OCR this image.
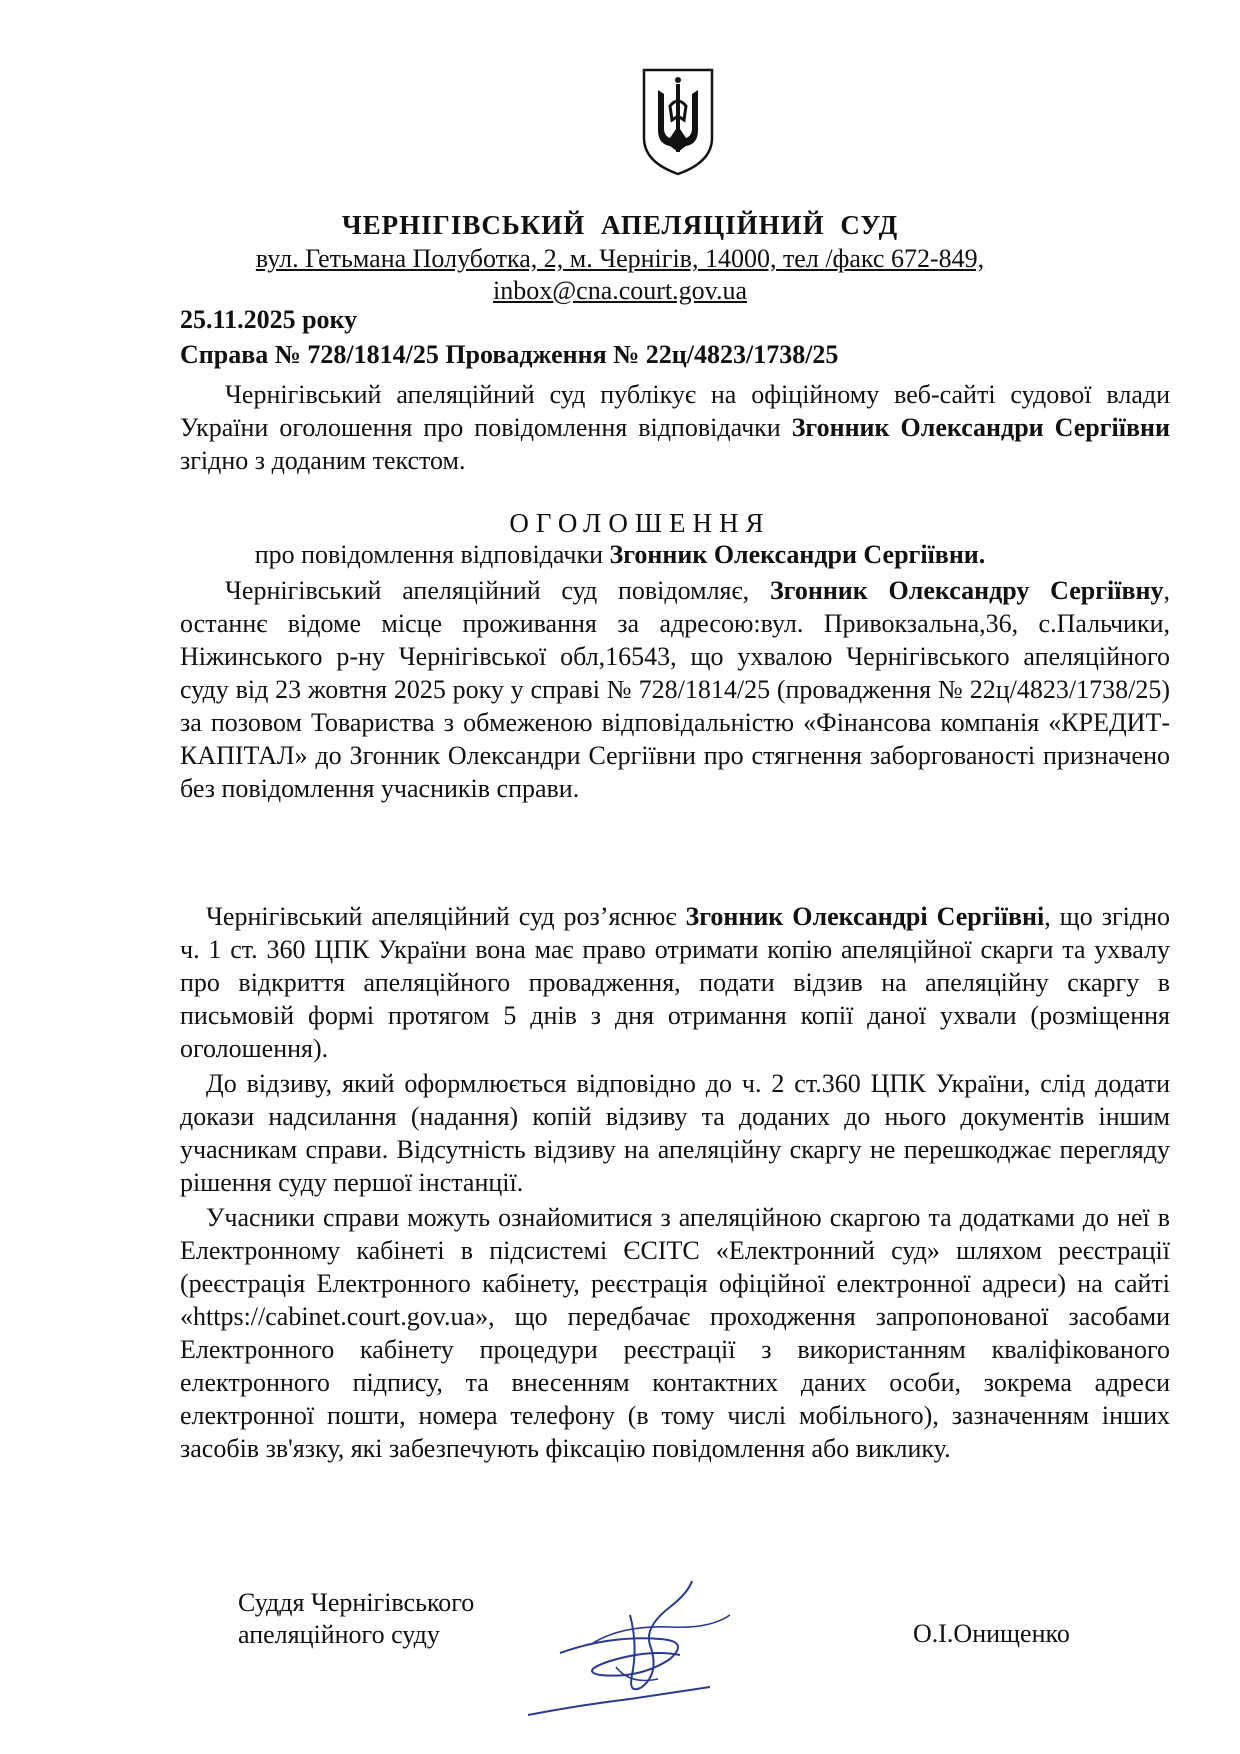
ЧЕРНІГІВСЬКИЙ АПЕЛЯЦІЙНИЙ СУД
вул. Гетьмана Полуботка, 2, м. Чернігів, 14000, тел /факс 672-849,
inbox@cna.court.gov.ua
25.11.2025 року
Справа № 728/1814/25 Провадження № 22ц/4823/1738/25
Чернігівський апеляційний суд публікує на офіційному веб-сайті судової влади України оголошення про повідомлення відповідачки Згонник Олександри Сергіївни згідно з доданим текстом.
ОГОЛОШЕННЯ
про повідомлення відповідачки Згонник Олександри Сергіївни.
Чернігівський апеляційний суд повідомляє, Згонник Олександру Сергіївну, останнє відоме місце проживання за адресою:вул. Привокзальна,36, с.Пальчики, Ніжинського р-ну Чернігівської обл,16543, що ухвалою Чернігівського апеляційного суду від 23 жовтня 2025 року у справі № 728/1814/25 (провадження № 22ц/4823/1738/25) за позовом Товариства з обмеженою відповідальністю «Фінансова компанія «КРЕДИТ-КАПІТАЛ» до Згонник Олександри Сергіївни про стягнення заборгованості призначено без повідомлення учасників справи.
Чернігівський апеляційний суд роз’яснює Згонник Олександрі Сергіївні, що згідно ч. 1 ст. 360 ЦПК України вона має право отримати копію апеляційної скарги та ухвалу про відкриття апеляційного провадження, подати відзив на апеляційну скаргу в письмовій формі протягом 5 днів з дня отримання копії даної ухвали (розміщення оголошення).
До відзиву, який оформлюється відповідно до ч. 2 ст.360 ЦПК України, слід додати докази надсилання (надання) копій відзиву та доданих до нього документів іншим учасникам справи. Відсутність відзиву на апеляційну скаргу не перешкоджає перегляду рішення суду першої інстанції.
Учасники справи можуть ознайомитися з апеляційною скаргою та додатками до неї в Електронному кабінеті в підсистемі ЄСІТС «Електронний суд» шляхом реєстрації (реєстрація Електронного кабінету, реєстрація офіційної електронної адреси) на сайті «https://cabinet.court.gov.ua», що передбачає проходження запропонованої засобами Електронного кабінету процедури реєстрації з використанням кваліфікованого електронного підпису, та внесенням контактних даних особи, зокрема адреси електронної пошти, номера телефону (в тому числі мобільного), зазначенням інших засобів зв'язку, які забезпечують фіксацію повідомлення або виклику.
Суддя Чернігівського
апеляційного суду	О.І.Онищенко
